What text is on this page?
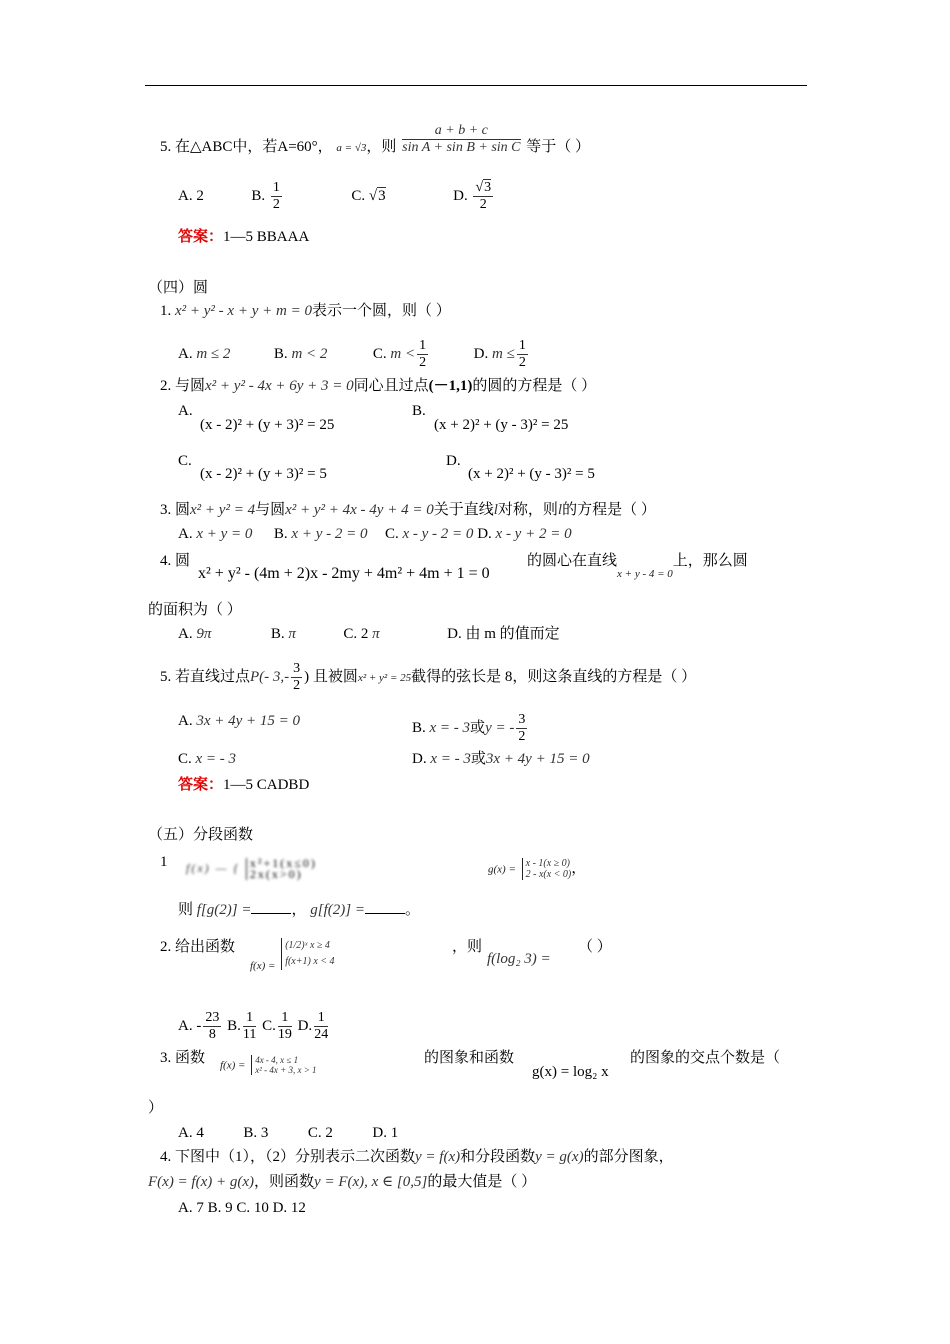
5. 在△ABC中，若A=60°， a = √3，则 $\frac{a + b + c}{\text{sin A + sin B + sin C}}$ 等于（ ）
A. 2	B. $\frac{1}{2}$	C. √3	D. $\frac{√3}{2}$
答案：1—5 BBAAA
（四）圆
1. x² + y² - x + y + m = 0表示一个圆，则（ ）
A. m ≤ 2	B. m < 2	C. $m < \frac{1}{2}$	D. $m \le \frac{1}{2}$
2. 与圆x² + y² - 4x + 6y + 3 = 0同心且过点(－1,1)的圆的方程是（ ）
A.
(x - 2)² + (y + 3)² = 25
B.
(x + 2)² + (y - 3)² = 25
C.
(x - 2)² + (y + 3)² = 5
D.
(x + 2)² + (y - 3)² = 5
3. 圆x² + y² = 4与圆x² + y² + 4x - 4y + 4 = 0关于直线l对称，则l的方程是（ ）
A. x + y = 0 B. x + y - 2 = 0 C. x - y - 2 = 0 D. x - y + 2 = 0
4. 圆
x² + y² - (4m + 2)x - 2my + 4m² + 4m + 1 = 0
的圆心在直线$_{x + y - 4 = 0}$上，那么圆
的面积为（ ）
A. 9π	B. π	C. 2 π	D. 由 m 的值而定
5. 若直线过点P(- $3,- \frac{3}{2}$ ) 且被圆x² + y² = 25截得的弦长是 8，则这条直线的方程是（ ）
A. 3x + 4y + 15 = 0	B. x = - 3或y = - $\frac{3}{2}$
C. x = - 3	D. x = - 3或3x + 4y + 15 = 0
答案：1—5 CADBD
（五）分段函数
1 f(x) — { x²+1(x≤0)
2x(x>0)	g(x) = x - 1(x ≥ 0)
2 - x(x < 0) ，
则 f[g(2)] =	， g[f(2)] =	。
2. 给出函数
$_{f(x) =}$
(1/2)ˣ x ≥ 4
f(x+1) x < 4
，则
f(log₂ 3) =
（ ）
A. - $\frac{23}{8} B$. $\frac{1}{11} C$. $\frac{1}{19} D$. $\frac{1}{24}$
3. 函数 f(x) = 4x - 4, x ≤ 1
x² - 4x + 3, x > 1
的图象和函数
g(x) = log₂ x
的图象的交点个数是（
）
A. 4	B. 3	C. 2	D. 1
4. 下图中（1），（2）分别表示二次函数y = f(x)和分段函数y = g(x)的部分图象，
F(x) = f(x) + g(x)，则函数y = F(x), x ∈ [0,5]的最大值是（ ）
A. 7 B. 9 C. 10 D. 12
